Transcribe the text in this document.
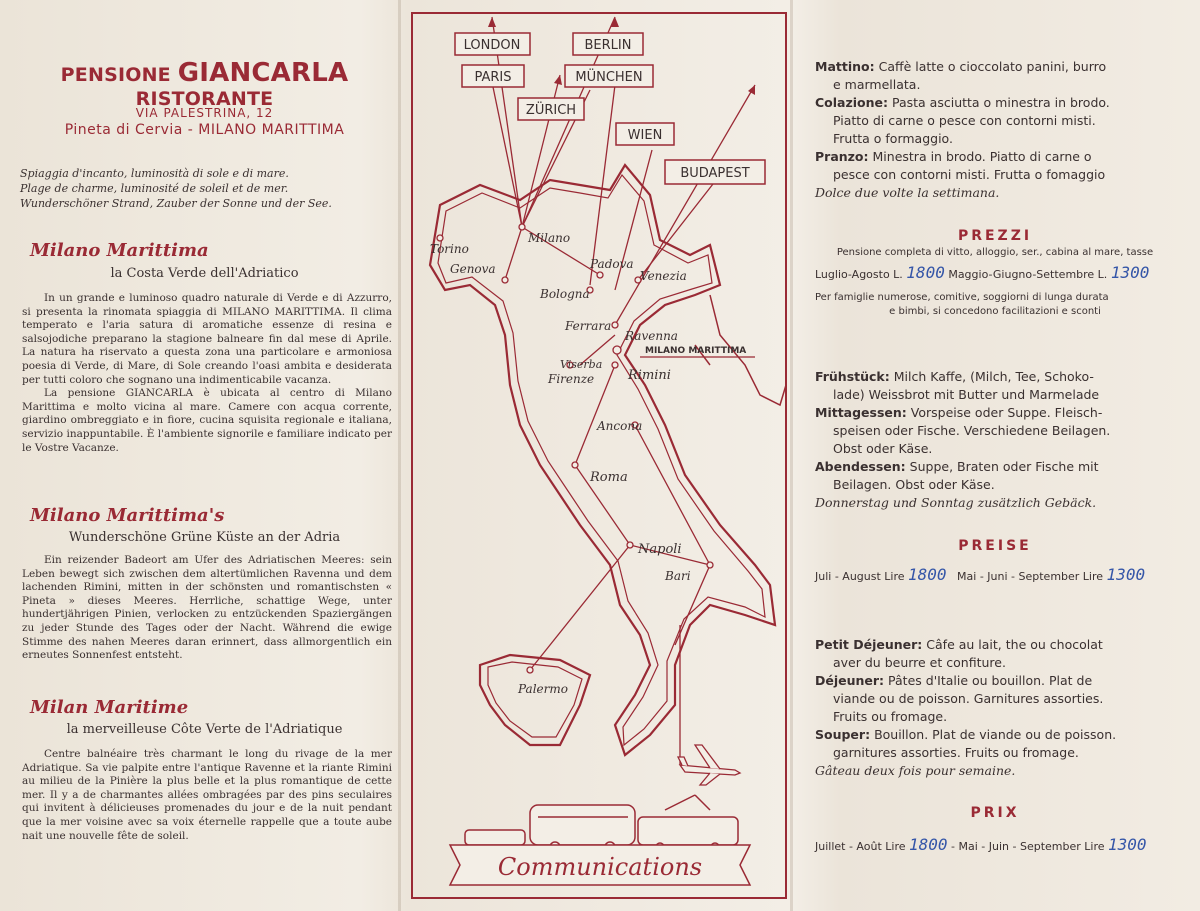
PENSIONE GIANCARLA RISTORANTE
VIA PALESTRINA, 12
Pineta di Cervia - MILANO MARITTIMA
Spiaggia d'incanto, luminosità di sole e di mare.
Plage de charme, luminosité de soleil et de mer.
Wunderschöner Strand, Zauber der Sonne und der See.
Milano Marittima
la Costa Verde dell'Adriatico

In un grande e luminoso quadro naturale di Verde e di Azzurro, si presenta la rinomata spiaggia di MILANO MARITTIMA. Il clima temperato e l'aria satura di aromatiche essenze di resina e salsojodiche preparano la stagione balneare fin dal mese di Aprile. La natura ha riservato a questa zona una particolare e armoniosa poesia di Verde, di Mare, di Sole creando l'oasi ambita e desiderata per tutti coloro che sognano una indimenticabile vacanza.

La pensione GIANCARLA è ubicata al centro di Milano Marittima e molto vicina al mare. Camere con acqua corrente, giardino ombreggiato e in fiore, cucina squisita regionale e italiana, servizio inappuntabile. È l'ambiente signorile e familiare indicato per le Vostre Vacanze.

Milano Marittima's
Wunderschöne Grüne Küste an der Adria

Ein reizender Badeort am Ufer des Adriatischen Meeres: sein Leben bewegt sich zwischen dem altertümlichen Ravenna und dem lachenden Rimini, mitten in der schönsten und romantischsten « Pineta » dieses Meeres. Herrliche, schattige Wege, unter hundertjährigen Pinien, verlocken zu entzückenden Spaziergängen zu jeder Stunde des Tages oder der Nacht. Während die ewige Stimme des nahen Meeres daran erinnert, dass allmorgentlich ein erneutes Sonnenfest entsteht.

Milan Maritime
la merveilleuse Côte Verte de l'Adriatique

Centre balnéaire très charmant le long du rivage de la mer Adriatique. Sa vie palpite entre l'antique Ravenne et la riante Rimini au milieu de la Pinière la plus belle et la plus romantique de cette mer. Il y a de charmantes allées ombragées par des pins seculaires qui invitent à délicieuses promenades du jour e de la nuit pendant que la mer voisine avec sa voix éternelle rappelle que a toute aube nait une nouvelle fête de soleil.

LONDON
PARIS
BERLIN
MÜNCHEN
ZÜRICH
WIEN
BUDAPEST
Torino
Milano
Genova	Padova
Venezia
Bologna
Ferrara
Ravenna
Viserba
Rimini
Firenze
Ancona
Roma
Napoli
Bari
Palermo
MILANO MARITTIMA
Communications
Mattino: Caffè latte o cioccolato panini, burro
e marmellata.
Colazione: Pasta asciutta o minestra in brodo.
Piatto di carne o pesce con contorni misti.
Frutta o formaggio.
Pranzo: Minestra in brodo. Piatto di carne o
pesce con contorni misti. Frutta o fomaggio
Dolce due volte la settimana.
PREZZI
Pensione completa di vitto, alloggio, ser., cabina al mare, tasse
Luglio-Agosto L. 1800 Maggio-Giugno-Settembre L. 1300
Per famiglie numerose, comitive, soggiorni di lunga durata
e bimbi, si concedono facilitazioni e sconti
Frühstück: Milch Kaffe, (Milch, Tee, Schoko-
lade) Weissbrot mit Butter und Marmelade
Mittagessen: Vorspeise oder Suppe. Fleisch-
speisen oder Fische. Verschiedene Beilagen.
Obst oder Käse.
Abendessen: Suppe, Braten oder Fische mit
Beilagen. Obst oder Käse.
Donnerstag und Sonntag zusätzlich Gebäck.
PREISE
Juli - August Lire 1800 Mai - Juni - September Lire 1300
Petit Déjeuner: Câfe au lait, the ou chocolat
aver du beurre et confiture.
Déjeuner: Pâtes d'Italie ou bouillon. Plat de
viande ou de poisson. Garnitures assorties.
Fruits ou fromage.
Souper: Bouillon. Plat de viande ou de poisson.
garnitures assorties. Fruits ou fromage.
Gâteau deux fois pour semaine.
PRIX
Juillet - Août Lire 1800 - Mai - Juin - September Lire 1300
